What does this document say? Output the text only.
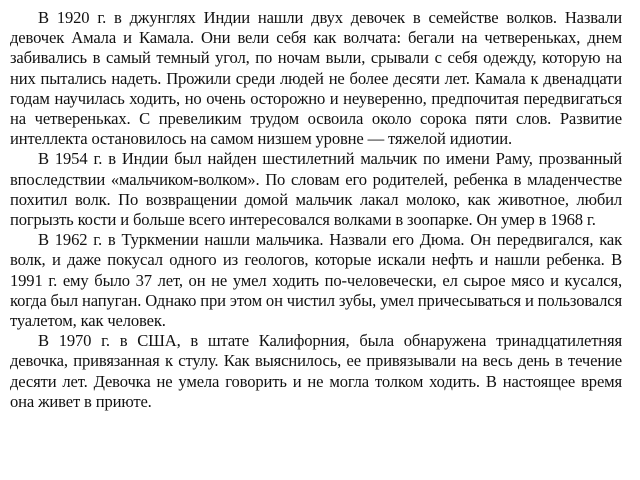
В 1920 г. в джунглях Индии нашли двух девочек в семействе волков. Назвали девочек Амала и Камала. Они вели себя как волчата: бегали на четвереньках, днем забивались в самый темный угол, по ночам выли, срывали с себя одежду, которую на них пытались надеть. Прожили среди людей не более десяти лет. Камала к двенадцати годам научилась ходить, но очень осторожно и неуверенно, предпочитая передвигаться на четвереньках. С превеликим трудом освоила около сорока пяти слов. Развитие интеллекта остановилось на самом низшем уровне — тяжелой идиотии.

В 1954 г. в Индии был найден шестилетний мальчик по имени Раму, прозванный впоследствии «мальчиком-волком». По словам его родителей, ребенка в младенчестве похитил волк. По возвращении домой мальчик лакал молоко, как животное, любил погрызть кости и больше всего интересовался волками в зоопарке. Он умер в 1968 г.

В 1962 г. в Туркмении нашли мальчика. Назвали его Дюма. Он передвигался, как волк, и даже покусал одного из геологов, которые искали нефть и нашли ребенка. В 1991 г. ему было 37 лет, он не умел ходить по-человечески, ел сырое мясо и кусался, когда был напуган. Однако при этом он чистил зубы, умел причесываться и пользовался туалетом, как человек.

В 1970 г. в США, в штате Калифорния, была обнаружена тринадцатилетняя девочка, привязанная к стулу. Как выяснилось, ее привязывали на весь день в течение десяти лет. Девочка не умела говорить и не могла толком ходить. В настоящее время она живет в приюте.
